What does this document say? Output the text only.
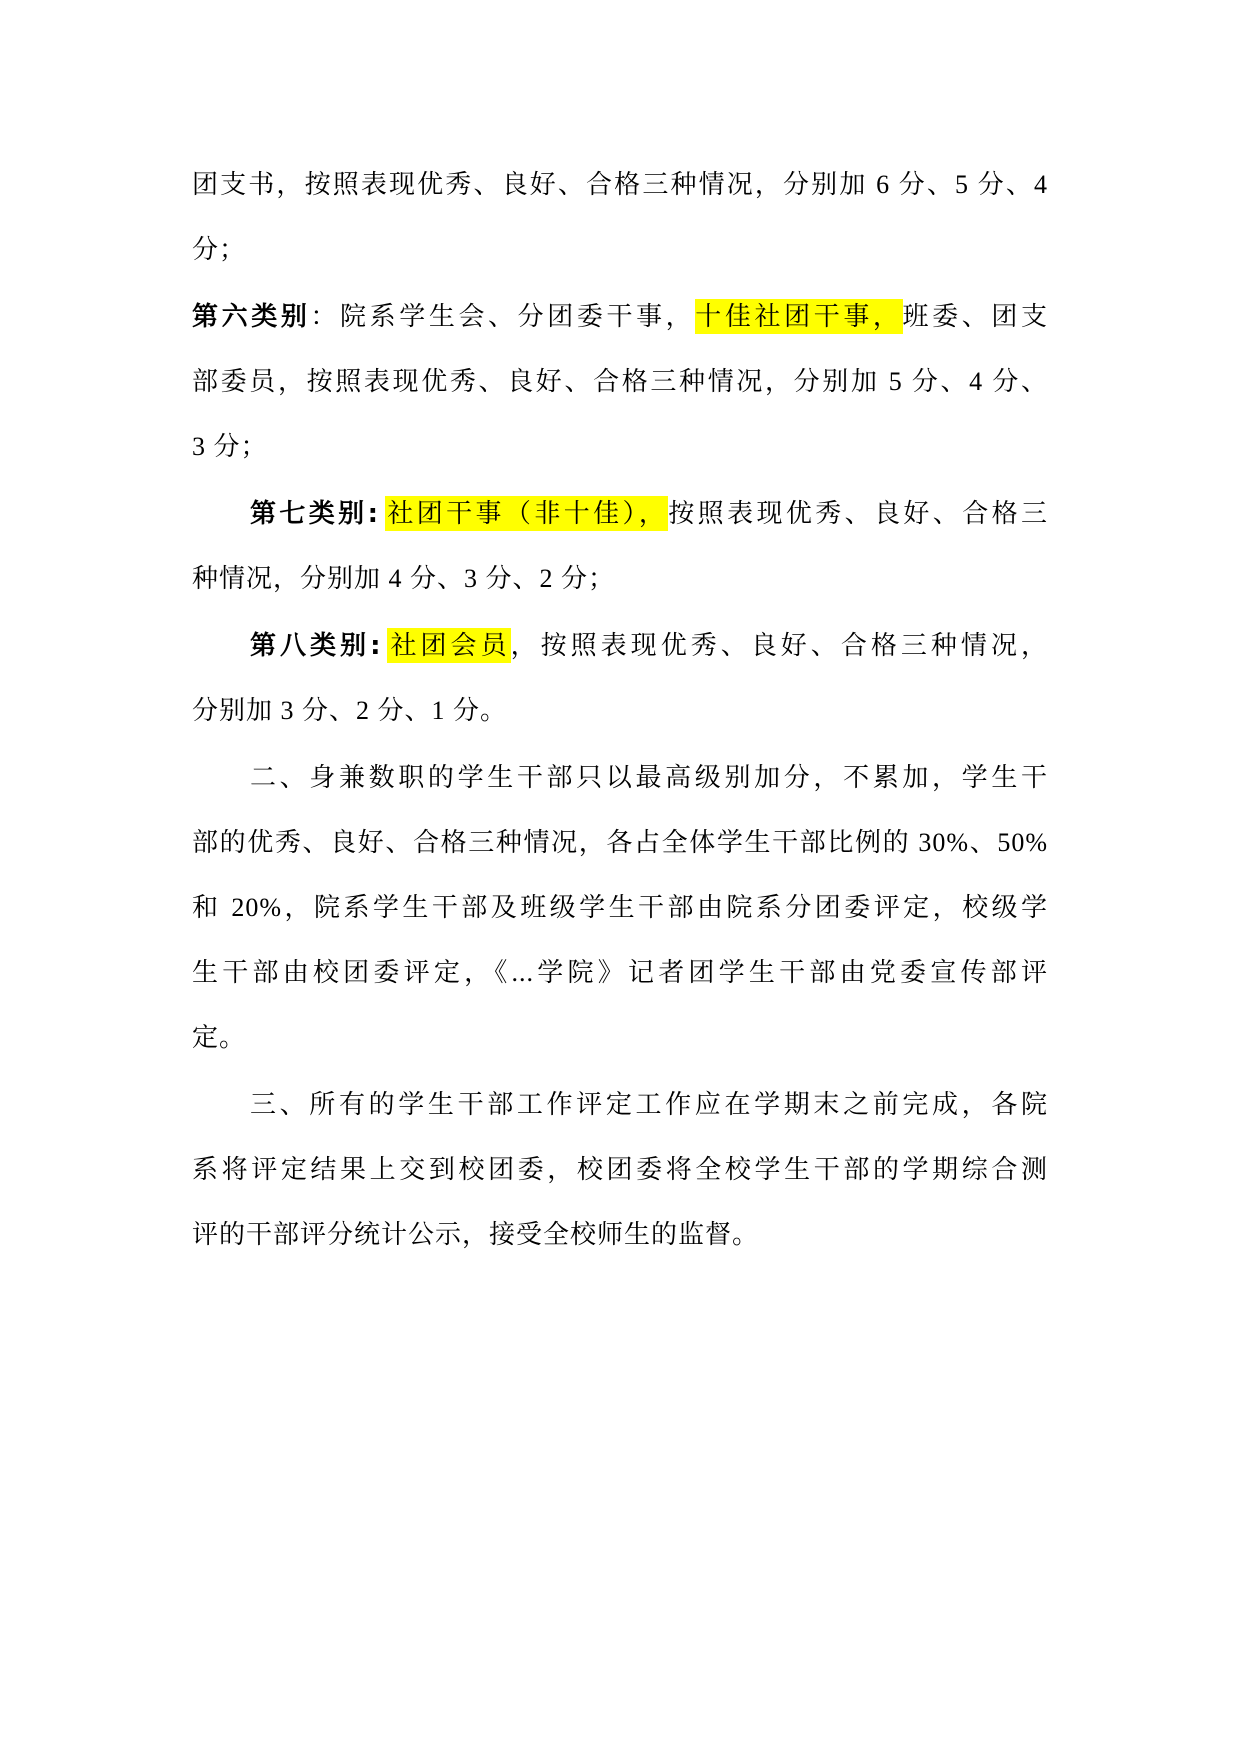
团支书，按照表现优秀、良好、合格三种情况，分别加 6 分、5 分、4
分；
第六类别：院系学生会、分团委干事，十佳社团干事，班委、团支
部委员，按照表现优秀、良好、合格三种情况，分别加 5 分、4 分、
3 分；
第七类别: 社团干事（非十佳），按照表现优秀、良好、合格三
种情况，分别加 4 分、3 分、2 分；
第八类别: 社团会员，按照表现优秀、良好、合格三种情况，
分别加 3 分、2 分、1 分。
二、身兼数职的学生干部只以最高级别加分，不累加，学生干
部的优秀、良好、合格三种情况，各占全体学生干部比例的 30%、50%
和 20%，院系学生干部及班级学生干部由院系分团委评定，校级学
生干部由校团委评定，《...学院》记者团学生干部由党委宣传部评
定。
三、所有的学生干部工作评定工作应在学期末之前完成，各院
系将评定结果上交到校团委，校团委将全校学生干部的学期综合测
评的干部评分统计公示，接受全校师生的监督。
